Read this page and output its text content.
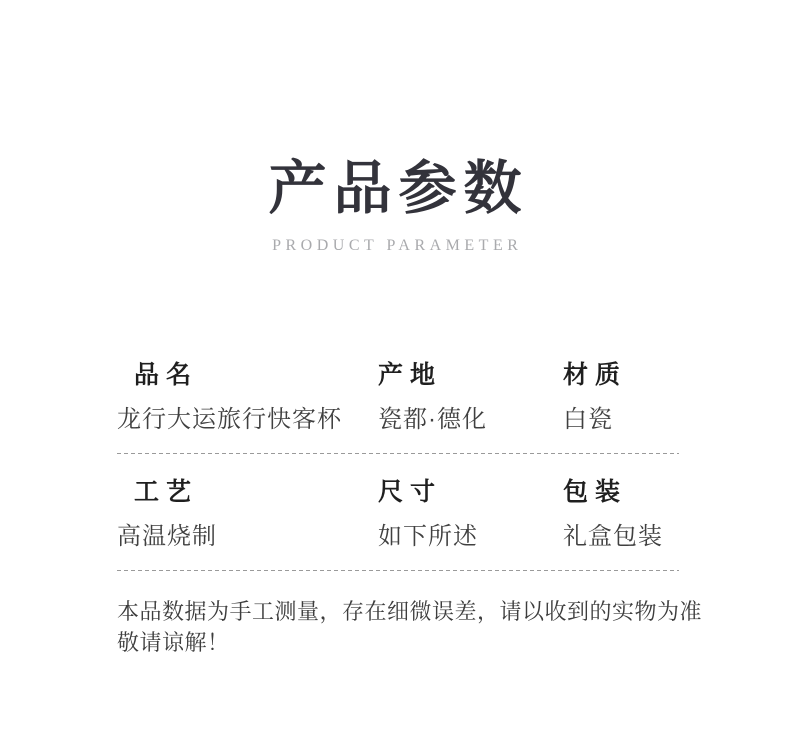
产品参数
PRODUCT PARAMETER
品名
龙行大运旅行快客杯
产地
瓷都·德化
材质
白瓷
工艺
高温烧制
尺寸
如下所述
包装
礼盒包装
本品数据为手工测量，存在细微误差，请以收到的实物为准
敬请谅解！
